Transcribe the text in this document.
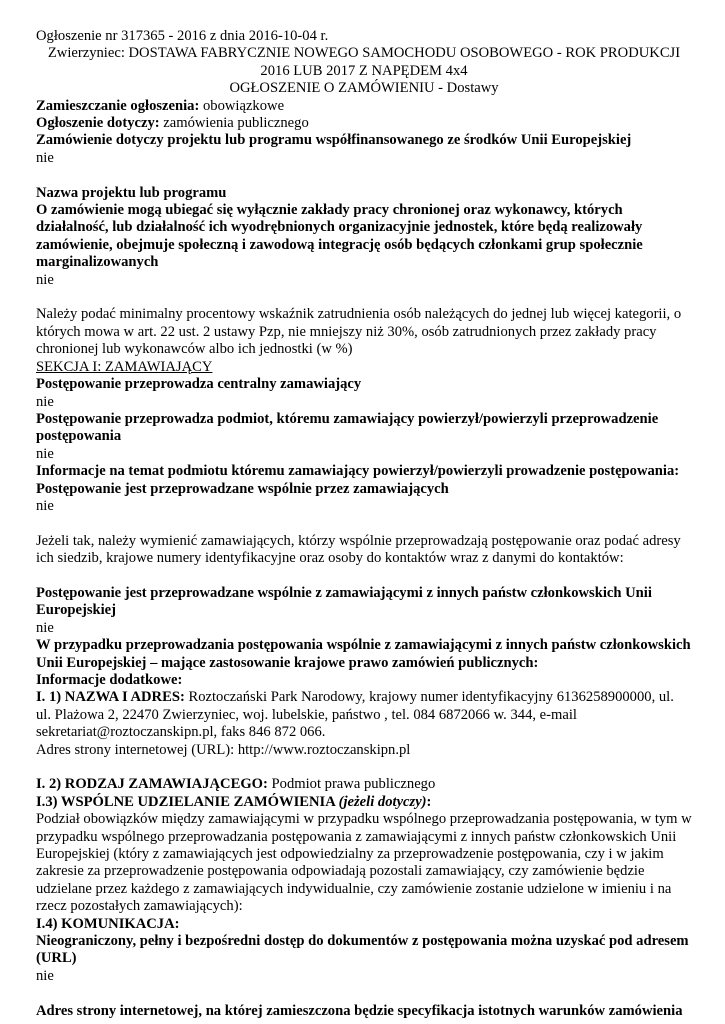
Ogłoszenie nr 317365 - 2016 z dnia 2016-10-04 r.

Zwierzyniec: DOSTAWA FABRYCZNIE NOWEGO SAMOCHODU OSOBOWEGO - ROK PRODUKCJI 2016 LUB 2017 Z NAPĘDEM 4x4

OGŁOSZENIE O ZAMÓWIENIU - Dostawy

Zamieszczanie ogłoszenia: obowiązkowe

Ogłoszenie dotyczy: zamówienia publicznego

Zamówienie dotyczy projektu lub programu współfinansowanego ze środków Unii Europejskiej

nie

Nazwa projektu lub programu

O zamówienie mogą ubiegać się wyłącznie zakłady pracy chronionej oraz wykonawcy, których działalność, lub działalność ich wyodrębnionych organizacyjnie jednostek, które będą realizowały zamówienie, obejmuje społeczną i zawodową integrację osób będących członkami grup społecznie marginalizowanych

nie

Należy podać minimalny procentowy wskaźnik zatrudnienia osób należących do jednej lub więcej kategorii, o których mowa w art. 22 ust. 2 ustawy Pzp, nie mniejszy niż 30%, osób zatrudnionych przez zakłady pracy chronionej lub wykonawców albo ich jednostki (w %)

SEKCJA I: ZAMAWIAJĄCY

Postępowanie przeprowadza centralny zamawiający

nie

Postępowanie przeprowadza podmiot, któremu zamawiający powierzył/powierzyli przeprowadzenie postępowania

nie

Informacje na temat podmiotu któremu zamawiający powierzył/powierzyli prowadzenie postępowania:

Postępowanie jest przeprowadzane wspólnie przez zamawiających

nie

Jeżeli tak, należy wymienić zamawiających, którzy wspólnie przeprowadzają postępowanie oraz podać adresy ich siedzib, krajowe numery identyfikacyjne oraz osoby do kontaktów wraz z danymi do kontaktów:

Postępowanie jest przeprowadzane wspólnie z zamawiającymi z innych państw członkowskich Unii Europejskiej

nie

W przypadku przeprowadzania postępowania wspólnie z zamawiającymi z innych państw członkowskich Unii Europejskiej – mające zastosowanie krajowe prawo zamówień publicznych:

Informacje dodatkowe:

I. 1) NAZWA I ADRES: Roztoczański Park Narodowy, krajowy numer identyfikacyjny 6136258900000, ul. ul. Plażowa 2, 22470 Zwierzyniec, woj. lubelskie, państwo , tel. 084 6872066 w. 344, e-mail sekretariat@roztoczanskipn.pl, faks 846 872 066.

Adres strony internetowej (URL): http://www.roztoczanskipn.pl

I. 2) RODZAJ ZAMAWIAJĄCEGO: Podmiot prawa publicznego

I.3) WSPÓLNE UDZIELANIE ZAMÓWIENIA (jeżeli dotyczy):

Podział obowiązków między zamawiającymi w przypadku wspólnego przeprowadzania postępowania, w tym w przypadku wspólnego przeprowadzania postępowania z zamawiającymi z innych państw członkowskich Unii Europejskiej (który z zamawiających jest odpowiedzialny za przeprowadzenie postępowania, czy i w jakim zakresie za przeprowadzenie postępowania odpowiadają pozostali zamawiający, czy zamówienie będzie udzielane przez każdego z zamawiających indywidualnie, czy zamówienie zostanie udzielone w imieniu i na rzecz pozostałych zamawiających):

I.4) KOMUNIKACJA:

Nieograniczony, pełny i bezpośredni dostęp do dokumentów z postępowania można uzyskać pod adresem (URL)

nie

Adres strony internetowej, na której zamieszczona będzie specyfikacja istotnych warunków zamówienia
